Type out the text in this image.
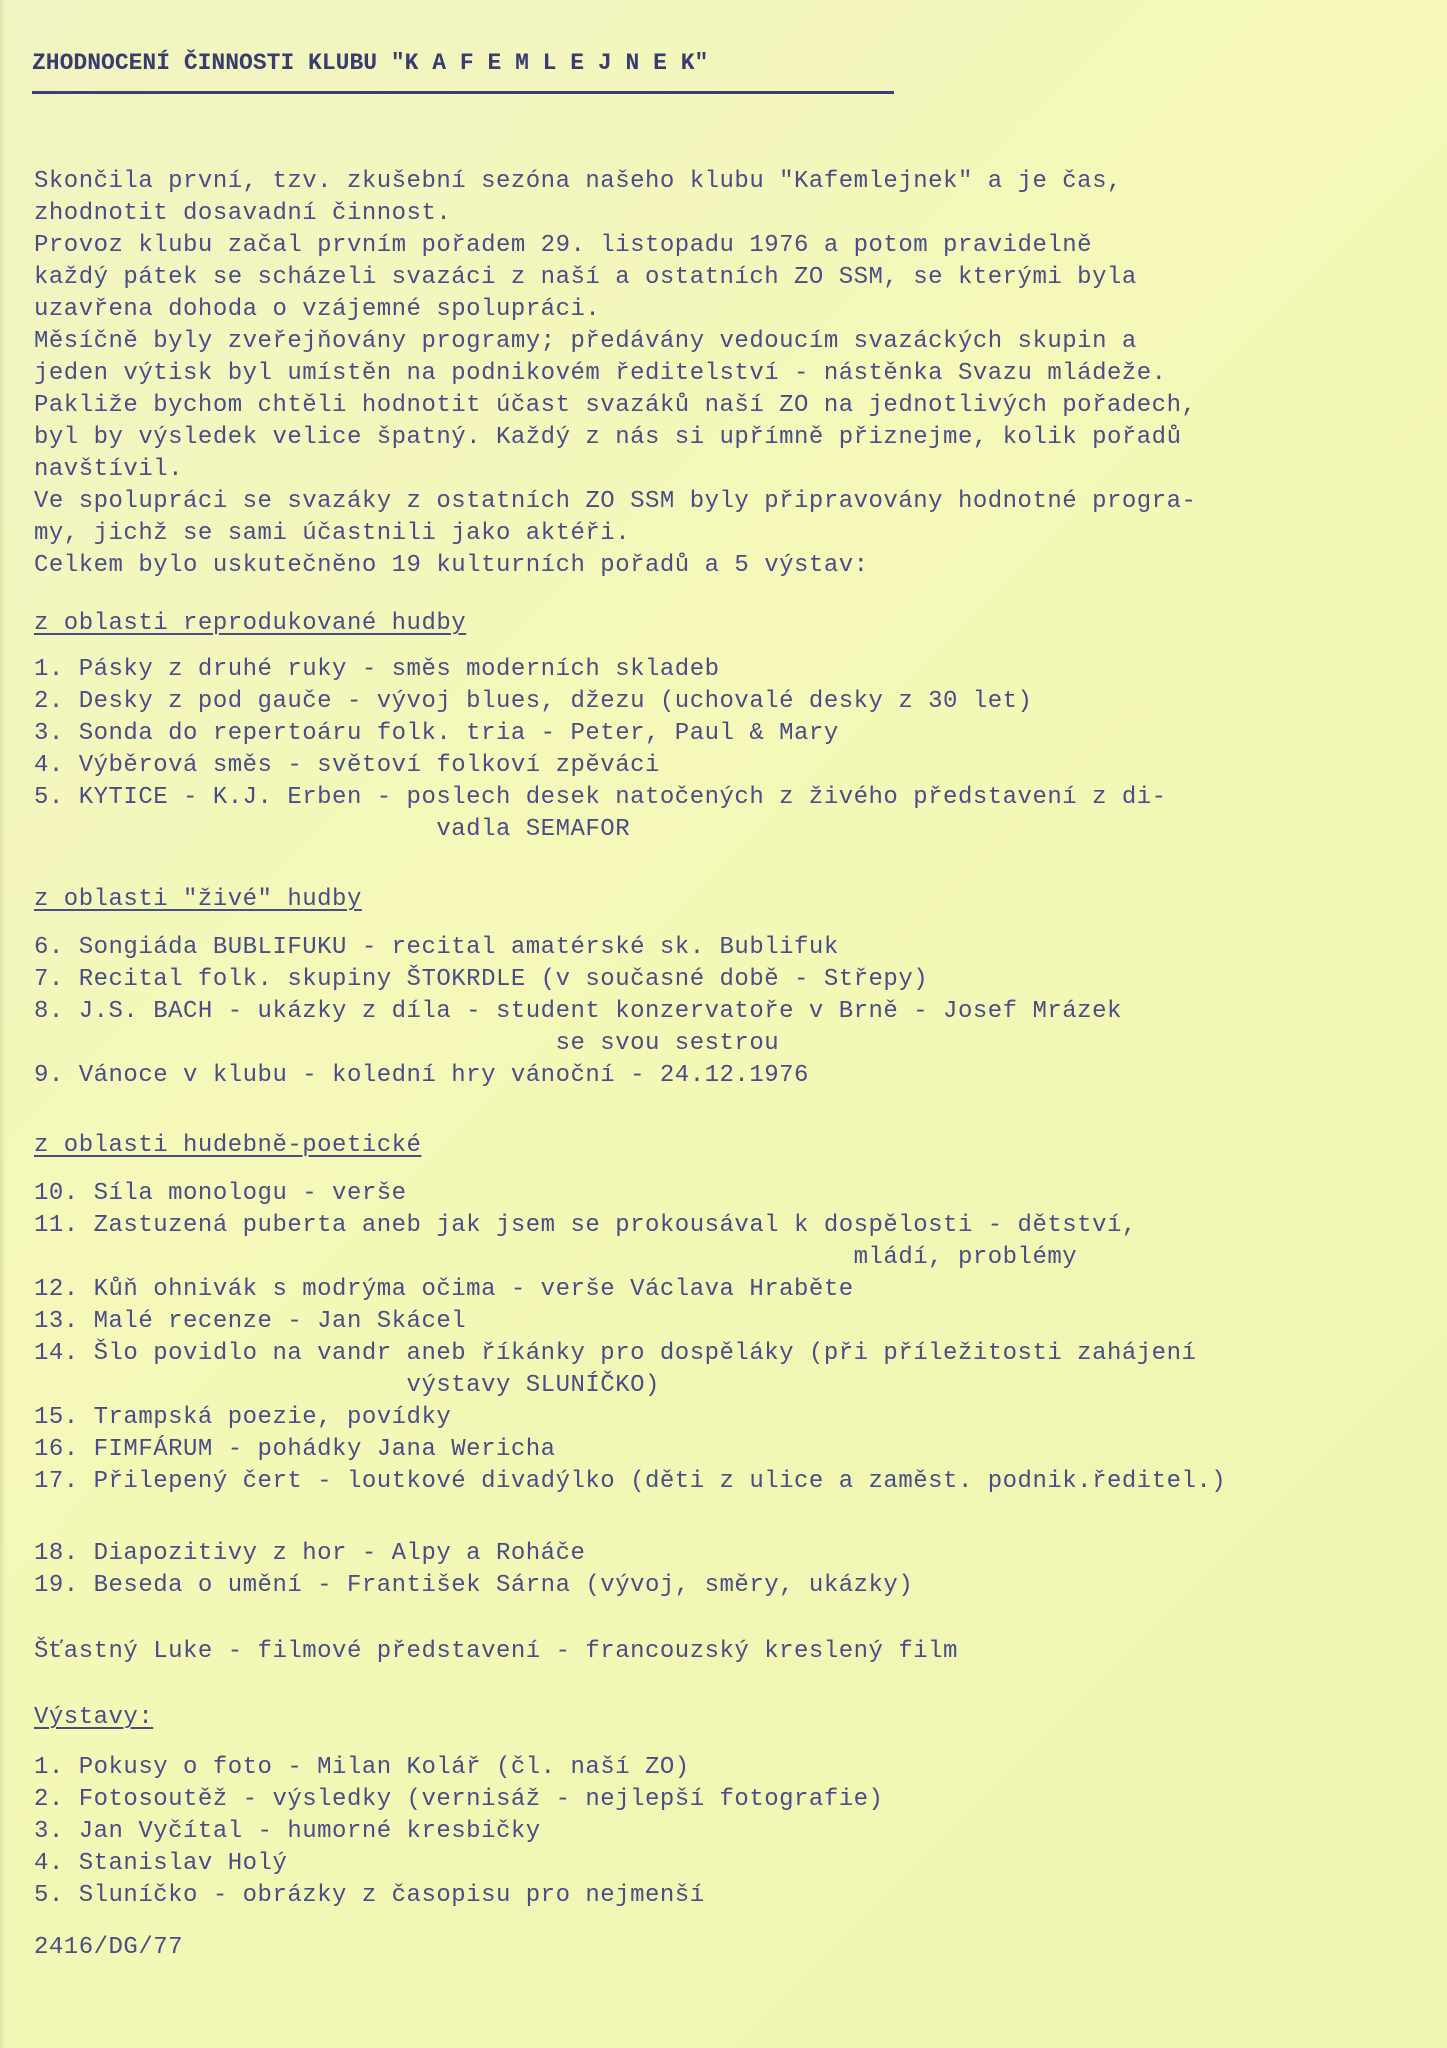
ZHODNOCENÍ ČINNOSTI KLUBU "K A F E M L E J N E K"
Skončila první, tzv. zkušební sezóna našeho klubu "Kafemlejnek" a je čas,
zhodnotit dosavadní činnost.
Provoz klubu začal prvním pořadem 29. listopadu 1976 a potom pravidelně
každý pátek se scházeli svazáci z naší a ostatních ZO SSM, se kterými byla
uzavřena dohoda o vzájemné spolupráci.
Měsíčně byly zveřejňovány programy; předávány vedoucím svazáckých skupin a
jeden výtisk byl umístěn na podnikovém ředitelství - nástěnka Svazu mládeže.
Pakliže bychom chtěli hodnotit účast svazáků naší ZO na jednotlivých pořadech,
byl by výsledek velice špatný. Každý z nás si upřímně přiznejme, kolik pořadů
navštívil.
Ve spolupráci se svazáky z ostatních ZO SSM byly připravovány hodnotné progra-
my, jichž se sami účastnili jako aktéři.
Celkem bylo uskutečněno 19 kulturních pořadů a 5 výstav:
z oblasti reprodukované hudby
1. Pásky z druhé ruky - směs moderních skladeb
2. Desky z pod gauče - vývoj blues, džezu (uchovalé desky z 30 let)
3. Sonda do repertoáru folk. tria - Peter, Paul & Mary
4. Výběrová směs - světoví folkoví zpěváci
5. KYTICE - K.J. Erben - poslech desek natočených z živého představení z di-
vadla SEMAFOR
z oblasti "živé" hudby
6. Songiáda BUBLIFUKU - recital amatérské sk. Bublifuk
7. Recital folk. skupiny ŠTOKRDLE (v současné době - Střepy)
8. J.S. BACH - ukázky z díla - student konzervatoře v Brně - Josef Mrázek
se svou sestrou
9. Vánoce v klubu - kolední hry vánoční - 24.12.1976
z oblasti hudebně-poetické
10. Síla monologu - verše
11. Zastuzená puberta aneb jak jsem se prokousával k dospělosti - dětství,
mládí, problémy
12. Kůň ohnivák s modrýma očima - verše Václava Hraběte
13. Malé recenze - Jan Skácel
14. Šlo povidlo na vandr aneb říkánky pro dospěláky (při příležitosti zahájení
výstavy SLUNÍČKO)
15. Trampská poezie, povídky
16. FIMFÁRUM - pohádky Jana Wericha
17. Přilepený čert - loutkové divadýlko (děti z ulice a zaměst. podnik.ředitel.)
18. Diapozitivy z hor - Alpy a Roháče
19. Beseda o umění - František Sárna (vývoj, směry, ukázky)
Šťastný Luke - filmové představení - francouzský kreslený film
Výstavy:
1. Pokusy o foto - Milan Kolář (čl. naší ZO)
2. Fotosoutěž - výsledky (vernisáž - nejlepší fotografie)
3. Jan Vyčítal - humorné kresbičky
4. Stanislav Holý
5. Sluníčko - obrázky z časopisu pro nejmenší
2416/DG/77
